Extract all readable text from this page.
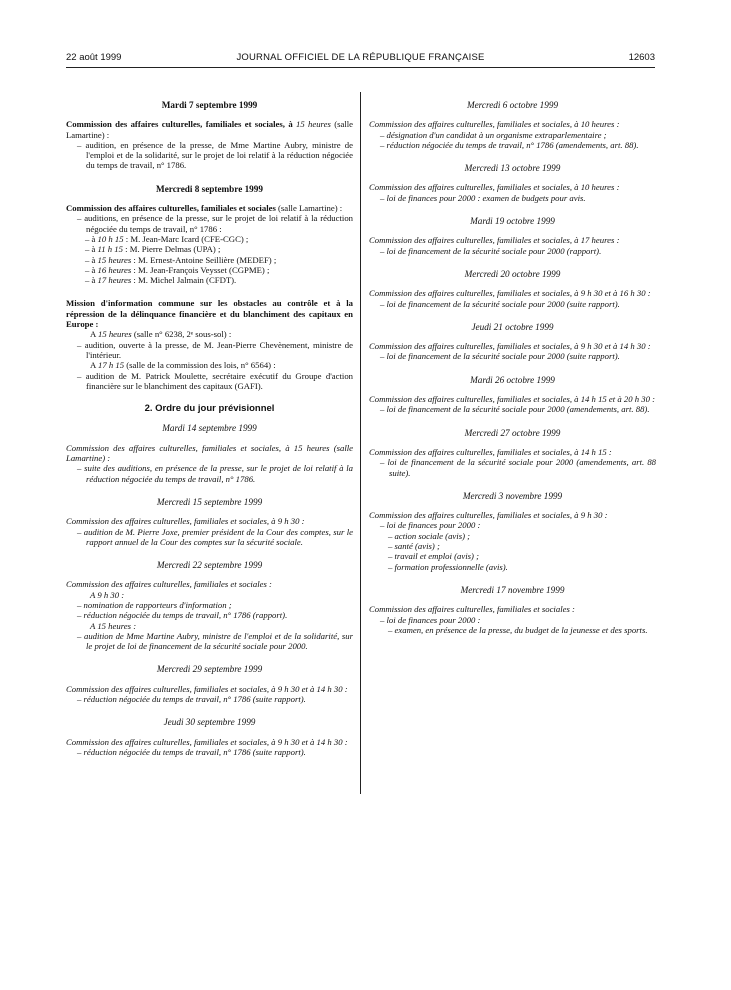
22 août 1999	JOURNAL OFFICIEL DE LA RÉPUBLIQUE FRANÇAISE	12603
Mardi 7 septembre 1999
Commission des affaires culturelles, familiales et sociales, à 15 heures (salle Lamartine) :
– audition, en présence de la presse, de Mme Martine Aubry, ministre de l'emploi et de la solidarité, sur le projet de loi relatif à la réduction négociée du temps de travail, n° 1786.
Mercredi 8 septembre 1999
Commission des affaires culturelles, familiales et sociales (salle Lamartine) :
– auditions, en présence de la presse, sur le projet de loi relatif à la réduction négociée du temps de travail, n° 1786 :
– à 10 h 15 : M. Jean-Marc Icard (CFE-CGC) ;
– à 11 h 15 : M. Pierre Delmas (UPA) ;
– à 15 heures : M. Ernest-Antoine Seillière (MEDEF) ;
– à 16 heures : M. Jean-François Veysset (CGPME) ;
– à 17 heures : M. Michel Jalmain (CFDT).
Mission d'information commune sur les obstacles au contrôle et à la répression de la délinquance financière et du blanchiment des capitaux en Europe :
A 15 heures (salle n° 6238, 2ᵉ sous-sol) :
– audition, ouverte à la presse, de M. Jean-Pierre Chevènement, ministre de l'intérieur.
A 17 h 15 (salle de la commission des lois, n° 6564) :
– audition de M. Patrick Moulette, secrétaire exécutif du Groupe d'action financière sur le blanchiment des capitaux (GAFI).
2. Ordre du jour prévisionnel
Mardi 14 septembre 1999
Commission des affaires culturelles, familiales et sociales, à 15 heures (salle Lamartine) :
– suite des auditions, en présence de la presse, sur le projet de loi relatif à la réduction négociée du temps de travail, n° 1786.
Mercredi 15 septembre 1999
Commission des affaires culturelles, familiales et sociales, à 9 h 30 :
– audition de M. Pierre Joxe, premier président de la Cour des comptes, sur le rapport annuel de la Cour des comptes sur la sécurité sociale.
Mercredi 22 septembre 1999
Commission des affaires culturelles, familiales et sociales :
A 9 h 30 :
– nomination de rapporteurs d'information ;
– réduction négociée du temps de travail, n° 1786 (rapport).
A 15 heures :
– audition de Mme Martine Aubry, ministre de l'emploi et de la solidarité, sur le projet de loi de financement de la sécurité sociale pour 2000.
Mercredi 29 septembre 1999
Commission des affaires culturelles, familiales et sociales, à 9 h 30 et à 14 h 30 :
– réduction négociée du temps de travail, n° 1786 (suite rapport).
Jeudi 30 septembre 1999
Commission des affaires culturelles, familiales et sociales, à 9 h 30 et à 14 h 30 :
– réduction négociée du temps de travail, n° 1786 (suite rapport).
Mercredi 6 octobre 1999
Commission des affaires culturelles, familiales et sociales, à 10 heures :
– désignation d'un candidat à un organisme extraparlementaire ;
– réduction négociée du temps de travail, n° 1786 (amendements, art. 88).
Mercredi 13 octobre 1999
Commission des affaires culturelles, familiales et sociales, à 10 heures :
– loi de finances pour 2000 : examen de budgets pour avis.
Mardi 19 octobre 1999
Commission des affaires culturelles, familiales et sociales, à 17 heures :
– loi de financement de la sécurité sociale pour 2000 (rapport).
Mercredi 20 octobre 1999
Commission des affaires culturelles, familiales et sociales, à 9 h 30 et à 16 h 30 :
– loi de financement de la sécurité sociale pour 2000 (suite rapport).
Jeudi 21 octobre 1999
Commission des affaires culturelles, familiales et sociales, à 9 h 30 et à 14 h 30 :
– loi de financement de la sécurité sociale pour 2000 (suite rapport).
Mardi 26 octobre 1999
Commission des affaires culturelles, familiales et sociales, à 14 h 15 et à 20 h 30 :
– loi de financement de la sécurité sociale pour 2000 (amendements, art. 88).
Mercredi 27 octobre 1999
Commission des affaires culturelles, familiales et sociales, à 14 h 15 :
– loi de financement de la sécurité sociale pour 2000 (amendements, art. 88 suite).
Mercredi 3 novembre 1999
Commission des affaires culturelles, familiales et sociales, à 9 h 30 :
– loi de finances pour 2000 :
– action sociale (avis) ;
– santé (avis) ;
– travail et emploi (avis) ;
– formation professionnelle (avis).
Mercredi 17 novembre 1999
Commission des affaires culturelles, familiales et sociales :
– loi de finances pour 2000 :
– examen, en présence de la presse, du budget de la jeunesse et des sports.
